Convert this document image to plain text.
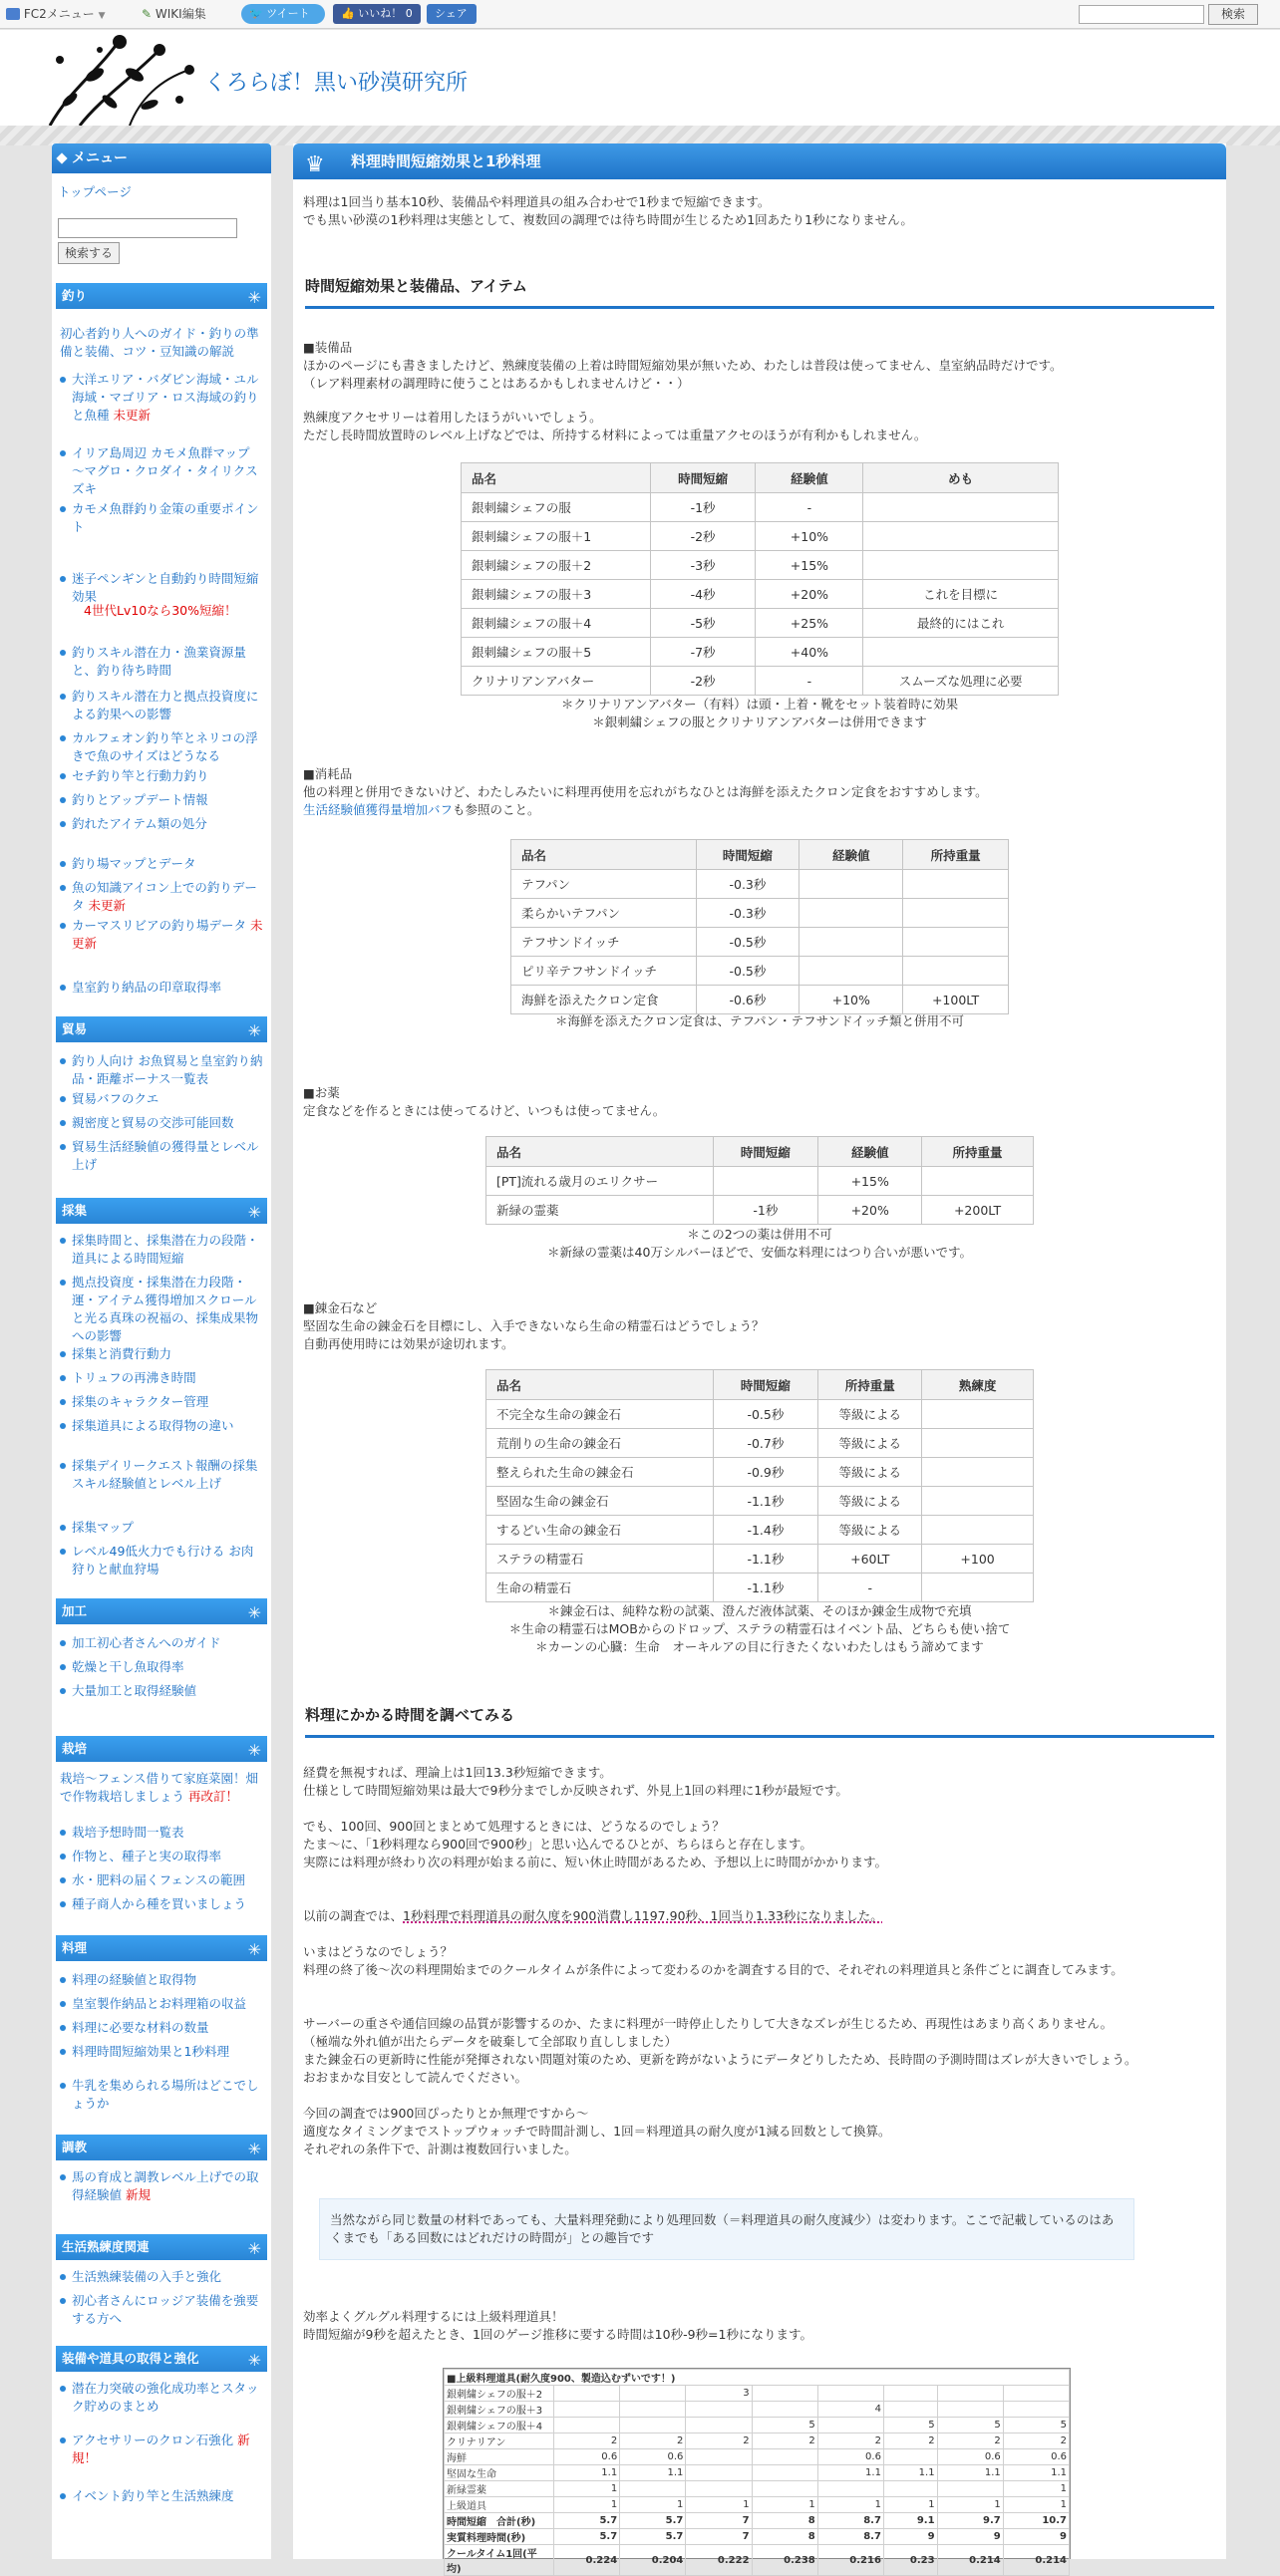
FC2メニュー ▼	✎ WIKI編集	🐦 ツイート	👍 いいね！ 0	シェア	検索
くろらぼ！黒い砂漠研究所
メニュー
トップページ
検索する
釣り	✳
初心者釣り人へのガイド・釣りの準備と装備、コツ・豆知識の解説
大洋エリア・バダビン海域・ユル海域・マゴリア・ロス海域の釣りと魚種 未更新
イリア島周辺 カモメ魚群マップ ～マグロ・クロダイ・タイリクスズキ
カモメ魚群釣り金策の重要ポイント
迷子ペンギンと自動釣り時間短縮効果
4世代Lv10なら30%短縮！
釣りスキル潜在力・漁業資源量と、釣り待ち時間
釣りスキル潜在力と拠点投資度による釣果への影響
カルフェオン釣り竿とネリコの浮きで魚のサイズはどうなる
セチ釣り竿と行動力釣り
釣りとアップデート情報
釣れたアイテム類の処分
釣り場マップとデータ
魚の知識アイコン上での釣りデータ 未更新
カーマスリビアの釣り場データ 未更新
皇室釣り納品の印章取得率
貿易	✳
釣り人向け お魚貿易と皇室釣り納品・距離ボーナス一覧表
貿易バフのクエ
親密度と貿易の交渉可能回数
貿易生活経験値の獲得量とレベル上げ
採集	✳
採集時間と、採集潜在力の段階・道具による時間短縮
拠点投資度・採集潜在力段階・運・アイテム獲得増加スクロールと光る真珠の祝福の、採集成果物への影響
採集と消費行動力
トリュフの再沸き時間
採集のキャラクター管理
採集道具による取得物の違い
採集デイリークエスト報酬の採集スキル経験値とレベル上げ
採集マップ
レベル49低火力でも行ける お肉狩りと献血狩場
加工	✳
加工初心者さんへのガイド
乾燥と干し魚取得率
大量加工と取得経験値
栽培	✳
栽培～フェンス借りて家庭菜園！畑で作物栽培しましょう 再改訂！
栽培予想時間一覧表
作物と、種子と実の取得率
水・肥料の届くフェンスの範囲
種子商人から種を買いましょう
料理	✳
料理の経験値と取得物
皇室製作納品とお料理箱の収益
料理に必要な材料の数量
料理時間短縮効果と1秒料理
牛乳を集められる場所はどこでしょうか
調教	✳
馬の育成と調教レベル上げでの取得経験値 新規
生活熟練度関連	✳
生活熟練装備の入手と強化
初心者さんにロッジア装備を強要する方へ
装備や道具の取得と強化	✳
潜在力突破の強化成功率とスタック貯めのまとめ
アクセサリーのクロン石強化 新規！
イベント釣り竿と生活熟練度
♛ 料理時間短縮効果と1秒料理
料理は1回当り基本10秒、装備品や料理道具の組み合わせで1秒まで短縮できます。
でも黒い砂漠の1秒料理は実態として、複数回の調理では待ち時間が生じるため1回あたり1秒になりません。
時間短縮効果と装備品、アイテム
■装備品
ほかのページにも書きましたけど、熟練度装備の上着は時間短縮効果が無いため、わたしは普段は使ってません、皇室納品時だけです。
（レア料理素材の調理時に使うことはあるかもしれませんけど・・）
熟練度アクセサリーは着用したほうがいいでしょう。
ただし長時間放置時のレベル上げなどでは、所持する材料によっては重量アクセのほうが有利かもしれません。
品名	時間短縮	経験値	めも
銀刺繍シェフの服	-1秒	-	
銀刺繍シェフの服＋1	-2秒	+10%	
銀刺繍シェフの服＋2	-3秒	+15%	
銀刺繍シェフの服＋3	-4秒	+20%	これを目標に
銀刺繍シェフの服＋4	-5秒	+25%	最終的にはこれ
銀刺繍シェフの服＋5	-7秒	+40%	
クリナリアンアバター	-2秒	-	スムーズな処理に必要
＊クリナリアンアバター（有料）は頭・上着・靴をセット装着時に効果
＊銀刺繍シェフの服とクリナリアンアバターは併用できます
■消耗品
他の料理と併用できないけど、わたしみたいに料理再使用を忘れがちなひとは海鮮を添えたクロン定食をおすすめします。
生活経験値獲得量増加バフも参照のこと。
品名	時間短縮	経験値	所持重量
テフパン	-0.3秒		
柔らかいテフパン	-0.3秒		
テフサンドイッチ	-0.5秒		
ピリ辛テフサンドイッチ	-0.5秒		
海鮮を添えたクロン定食	-0.6秒	+10%	+100LT
＊海鮮を添えたクロン定食は、テフパン・テフサンドイッチ類と併用不可
■お薬
定食などを作るときには使ってるけど、いつもは使ってません。
品名	時間短縮	経験値	所持重量
[PT]流れる歳月のエリクサー		+15%	
新緑の霊薬	-1秒	+20%	+200LT
＊この2つの薬は併用不可
＊新緑の霊薬は40万シルバーほどで、安価な料理にはつり合いが悪いです。
■錬金石など
堅固な生命の錬金石を目標にし、入手できないなら生命の精霊石はどうでしょう？
自動再使用時には効果が途切れます。
品名	時間短縮	所持重量	熟練度
不完全な生命の錬金石	-0.5秒	等級による	
荒削りの生命の錬金石	-0.7秒	等級による	
整えられた生命の錬金石	-0.9秒	等級による	
堅固な生命の錬金石	-1.1秒	等級による	
するどい生命の錬金石	-1.4秒	等級による	
ステラの精霊石	-1.1秒	+60LT	+100
生命の精霊石	-1.1秒	-	
＊錬金石は、純粋な粉の試薬、澄んだ液体試薬、そのほか錬金生成物で充填
＊生命の精霊石はMOBからのドロップ、ステラの精霊石はイベント品、どちらも使い捨て
＊カーンの心臓：生命　オーキルアの目に行きたくないわたしはもう諦めてます
料理にかかる時間を調べてみる
経費を無視すれば、理論上は1回13.3秒短縮できます。
仕様として時間短縮効果は最大で9秒分までしか反映されず、外見上1回の料理に1秒が最短です。
でも、100回、900回とまとめて処理するときには、どうなるのでしょう？
たま～に、「1秒料理なら900回で900秒」と思い込んでるひとが、ちらほらと存在します。
実際には料理が終わり次の料理が始まる前に、短い休止時間があるため、予想以上に時間がかかります。
以前の調査では、1秒料理で料理道具の耐久度を900消費し1197.90秒、1回当り1.33秒になりました。
いまはどうなのでしょう？
料理の終了後～次の料理開始までのクールタイムが条件によって変わるのかを調査する目的で、それぞれの料理道具と条件ごとに調査してみます。
サーバーの重さや通信回線の品質が影響するのか、たまに料理が一時停止したりして大きなズレが生じるため、再現性はあまり高くありません。
（極端な外れ値が出たらデータを破棄して全部取り直ししました）
また錬金石の更新時に性能が発揮されない問題対策のため、更新を跨がないようにデータどりしたため、長時間の予測時間はズレが大きいでしょう。
おおまかな目安として読んでください。
今回の調査では900回ぴったりとか無理ですから～
適度なタイミングまでストップウォッチで時間計測し、1回＝料理道具の耐久度が1減る回数として換算。
それぞれの条件下で、計測は複数回行いました。
当然ながら同じ数量の材料であっても、大量料理発動により処理回数（＝料理道具の耐久度減少）は変わります。ここで記載しているのはあくまでも「ある回数にはどれだけの時間が」との趣旨です
効率よくグルグル料理するには上級料理道具！
時間短縮が9秒を超えたとき、1回のゲージ推移に要する時間は10秒-9秒=1秒になります。
■上級料理道具(耐久度900、製造込むずいです！)								
銀刺繍シェフの服＋2			3					
銀刺繍シェフの服＋3					4			
銀刺繍シェフの服＋4				5		5	5	5
クリナリアン	2	2	2	2	2	2	2	2
海鮮	0.6	0.6			0.6		0.6	0.6
堅固な生命	1.1	1.1			1.1	1.1	1.1	1.1
新緑霊薬	1							1
上級道具	1	1	1	1	1	1	1	1
時間短縮　合計(秒)	5.7	5.7	7	8	8.7	9.1	9.7	10.7
実質料理時間(秒)	5.7	5.7	7	8	8.7	9	9	9
クールタイム1回(平均)	0.224	0.204	0.222	0.238	0.216	0.23	0.214	0.214
